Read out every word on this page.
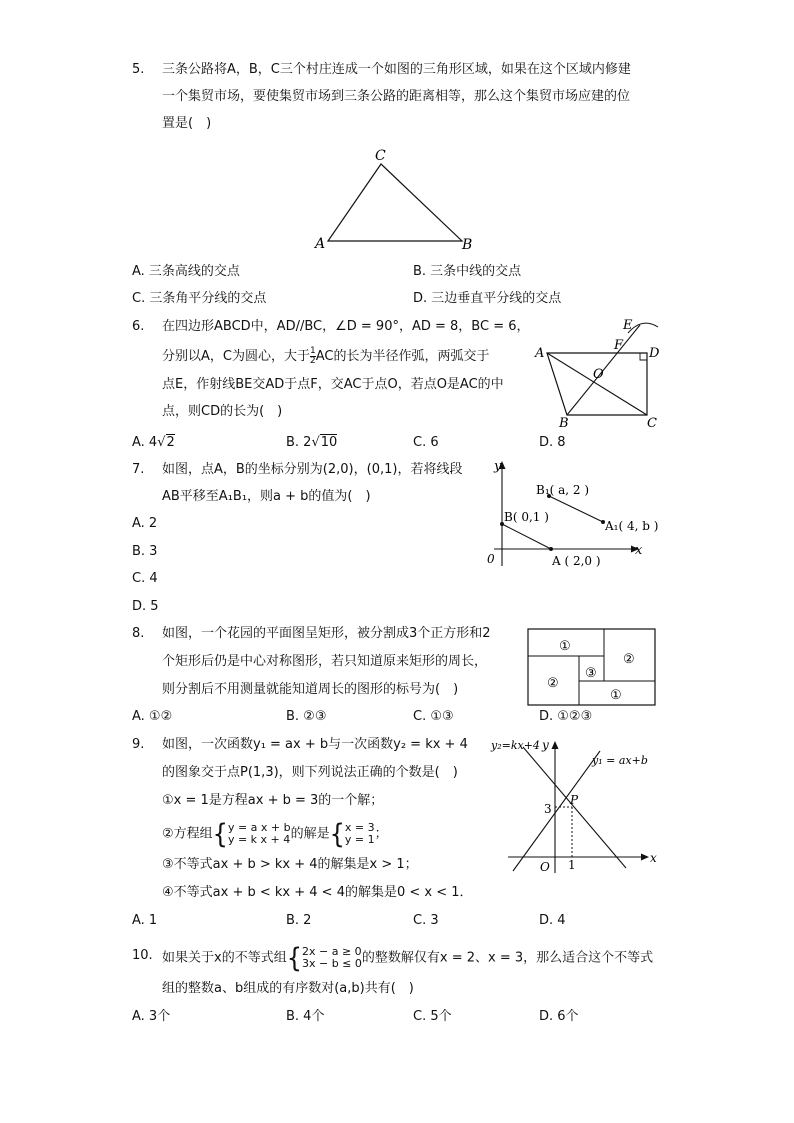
5. 三条公路将A，B，C三个村庄连成一个如图的三角形区域，如果在这个区域内修建
一个集贸市场，要使集贸市场到三条公路的距离相等，那么这个集贸市场应建的位
置是(　)
C
A	B
A. 三条高线的交点	B. 三条中线的交点
C. 三条角平分线的交点	D. 三边垂直平分线的交点
6. 在四边形ABCD中，AD//BC，∠D = 90°，AD = 8，BC = 6，
分别以A，C为圆心，大于 $\frac{1}{2}$ AC的长为半径作弧，两弧交于
点E，作射线BE交AD于点F，交AC于点O，若点O是AC的中
点，则CD的长为(　)
E
F
D
A
O
B	C
A. 4√2	B. 2√10	C. 6	D. 8
7. 如图，点A，B的坐标分别为(2,0)，(0,1)，若将线段
AB平移至A₁B₁，则a + b的值为(　)
A. 2
B. 3
C. 4
D. 5
y
x
0
B₁( a, 2 )
A₁( 4, b )
B( 0,1 )
A ( 2,0 )
8. 如图，一个花园的平面图呈矩形，被分割成3个正方形和2
个矩形后仍是中心对称图形，若只知道原来矩形的周长，
则分割后不用测量就能知道周长的图形的标号为(　)
①
②
③
②
①
A. ①②	B. ②③	C. ①③	D. ①②③
9. 如图，一次函数y₁ = ax + b与一次函数y₂ = kx + 4
的图象交于点P(1,3)，则下列说法正确的个数是(　)
①x = 1是方程ax + b = 3的一个解；
②方程组{ y = a x + b
y = k x + 4 的解是{ x = 3
y = 1 ；
③不等式ax + b > kx + 4的解集是x > 1；
④不等式ax + b < kx + 4 < 4的解集是0 < x < 1．
y₂=kx+4 y
y₁ = ax+b
P
3
x
O 1
A. 1	B. 2	C. 3	D. 4
10. 如果关于x的不等式组{ 2x − a ≥ 0
3x − b ≤ 0 的整数解仅有x = 2、x = 3，那么适合这个不等式
组的整数a、b组成的有序数对(a,b)共有(　)
A. 3个	B. 4个	C. 5个	D. 6个
